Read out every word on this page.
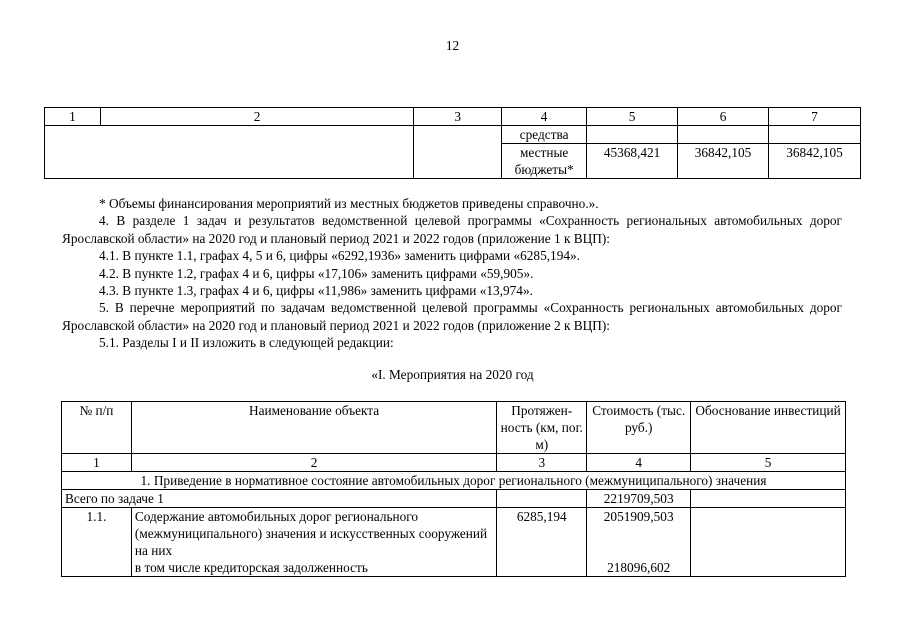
12
1	2	3	4	5	6	7
			средства			
			местные бюджеты*	45368,421	36842,105	36842,105

* Объемы финансирования мероприятий из местных бюджетов приведены справочно.».

4. В разделе 1 задач и результатов ведомственной целевой программы «Сохранность региональных автомобильных дорог Ярославской области» на 2020 год и плановый период 2021 и 2022 годов (приложение 1 к ВЦП):

4.1. В пункте 1.1, графах 4, 5 и 6, цифры «6292,1936» заменить цифрами «6285,194».

4.2. В пункте 1.2, графах 4 и 6, цифры «17,106» заменить цифрами «59,905».

4.3. В пункте 1.3, графах 4 и 6, цифры «11,986» заменить цифрами «13,974».

5. В перечне мероприятий по задачам ведомственной целевой программы «Сохранность региональных автомобильных дорог Ярославской области» на 2020 год и плановый период 2021 и 2022 годов (приложение 2 к ВЦП):

5.1. Разделы I и II изложить в следующей редакции:

«I. Мероприятия на 2020 год
№ п/п	Наименование объекта	Протяжен-ность (км, пог. м)	Стоимость (тыс. руб.)	Обоснование инвестиций
1	2	3	4	5
1. Приведение в нормативное состояние автомобильных дорог регионального (межмуниципального) значения				
Всего по задаче 1			2219709,503	
1.1.	Содержание автомобильных дорог регионального (межмуниципального) значения и искусственных сооружений на них	6285,194	2051909,503	
	в том числе кредиторская задолженность		218096,602	
